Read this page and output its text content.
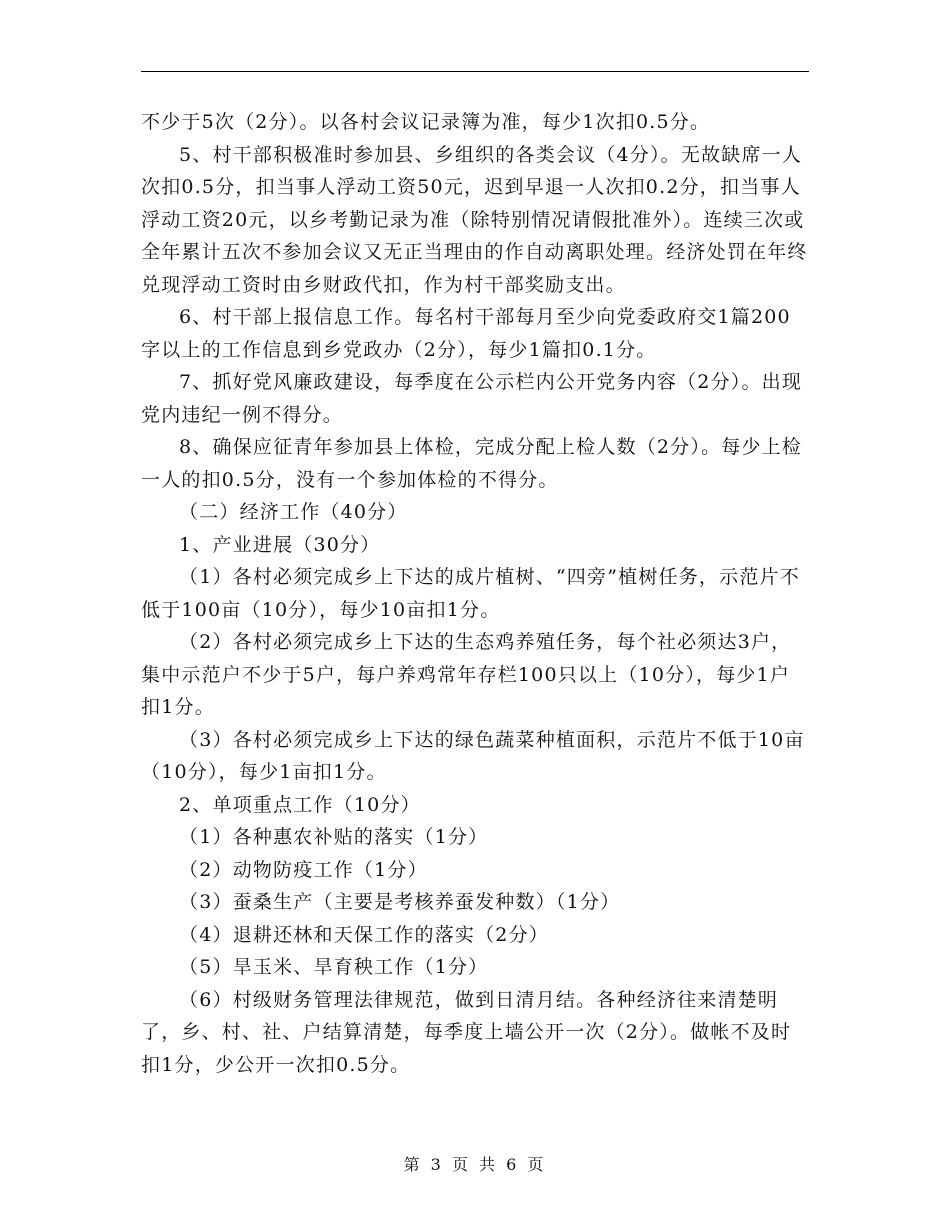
不少于5次（2分）。以各村会议记录簿为准，每少1次扣0.5分。

5、村干部积极准时参加县、乡组织的各类会议（4分）。无故缺席一人次扣0.5分，扣当事人浮动工资50元，迟到早退一人次扣0.2分，扣当事人浮动工资20元，以乡考勤记录为准（除特别情况请假批准外）。连续三次或全年累计五次不参加会议又无正当理由的作自动离职处理。经济处罚在年终兑现浮动工资时由乡财政代扣，作为村干部奖励支出。

6、村干部上报信息工作。每名村干部每月至少向党委政府交1篇200字以上的工作信息到乡党政办（2分），每少1篇扣0.1分。

7、抓好党风廉政建设，每季度在公示栏内公开党务内容（2分）。出现党内违纪一例不得分。

8、确保应征青年参加县上体检，完成分配上检人数（2分）。每少上检一人的扣0.5分，没有一个参加体检的不得分。

（二）经济工作（40分）

1、产业进展（30分）

（1）各村必须完成乡上下达的成片植树、“四旁”植树任务，示范片不低于100亩（10分），每少10亩扣1分。

（2）各村必须完成乡上下达的生态鸡养殖任务，每个社必须达3户，集中示范户不少于5户，每户养鸡常年存栏100只以上（10分），每少1户扣1分。

（3）各村必须完成乡上下达的绿色蔬菜种植面积，示范片不低于10亩（10分），每少1亩扣1分。

2、单项重点工作（10分）

（1）各种惠农补贴的落实（1分）

（2）动物防疫工作（1分）

（3）蚕桑生产（主要是考核养蚕发种数）（1分）

（4）退耕还林和天保工作的落实（2分）

（5）旱玉米、旱育秧工作（1分）

（6）村级财务管理法律规范，做到日清月结。各种经济往来清楚明了，乡、村、社、户结算清楚，每季度上墙公开一次（2分）。做帐不及时扣1分，少公开一次扣0.5分。

第 3 页 共 6 页
